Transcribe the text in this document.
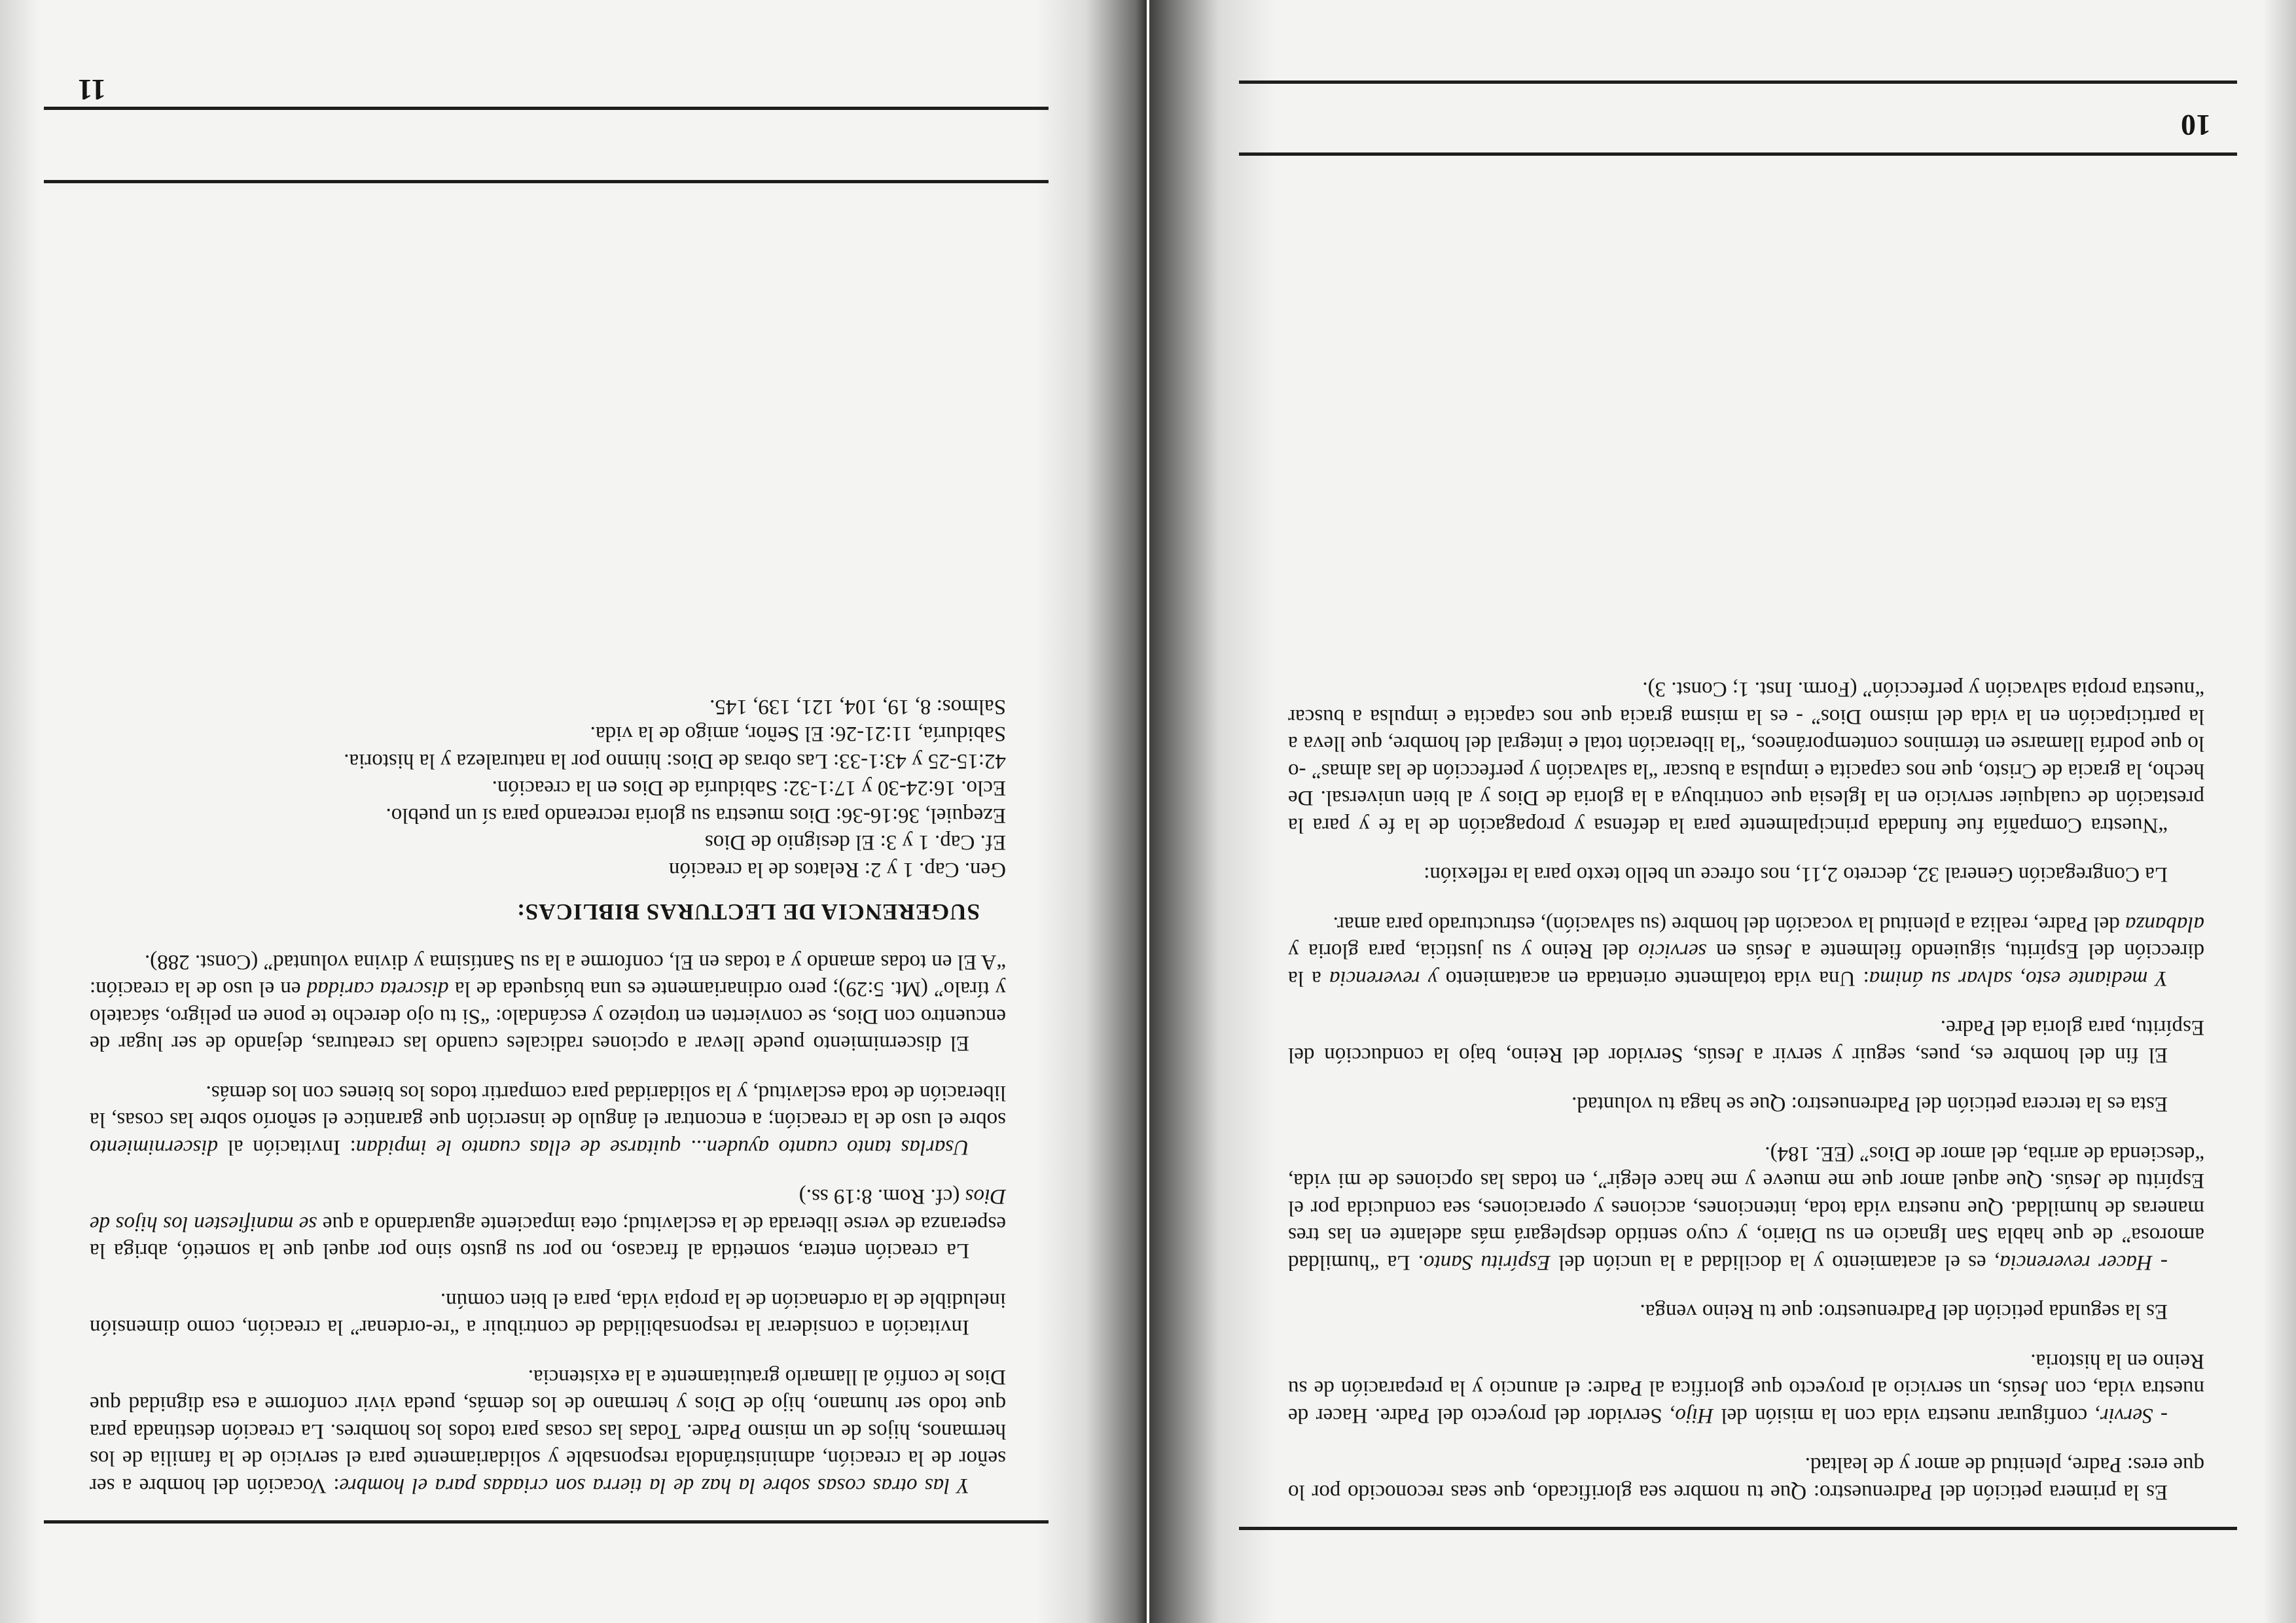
10

Es la primera petición del Padrenuestro: Que tu nombre sea glorificado, que seas reconocido por lo que eres: Padre, plenitud de amor y de lealtad.

- Servir, configurar nuestra vida con la misión del Hijo, Servidor del proyecto del Padre. Hacer de nuestra vida, con Jesús, un servicio al proyecto que glorifica al Padre: el anuncio y la preparación de su Reino en la historia.

Es la segunda petición del Padrenuestro: que tu Reino venga.

- Hacer reverencia, es el acatamiento y la docilidad a la unción del Espíritu Santo. La “humildad amorosa” de que habla San Ignacio en su Diario, y cuyo sentido desplegará más adelante en las tres maneras de humildad. Que nuestra vida toda, intenciones, acciones y operaciones, sea conducida por el Espíritu de Jesús. Que aquel amor que me mueve y me hace elegir”, en todas las opciones de mi vida, “descienda de arriba, del amor de Dios” (EE. 184).

Esta es la tercera petición del Padrenuestro: Que se haga tu voluntad.

El fin del hombre es, pues, seguir y servir a Jesús, Servidor del Reino, bajo la conducción del Espíritu, para gloria del Padre.

Y mediante esto, salvar su ánima: Una vida totalmente orientada en acatamiento y reverencia a la dirección del Espíritu, siguiendo fielmente a Jesús en servicio del Reino y su justicia, para gloria y alabanza del Padre, realiza a plenitud la vocación del hombre (su salvación), estructurado para amar.

La Congregación General 32, decreto 2,11, nos ofrece un bello texto para la reflexión:

“Nuestra Compañía fue fundada principalmente para la defensa y propagación de la fe y para la prestación de cualquier servicio en la Iglesia que contribuya a la gloria de Dios y al bien universal. De hecho, la gracia de Cristo, que nos capacita e impulsa a buscar “la salvación y perfección de las almas” -o lo que podría llamarse en términos contemporáneos, “la liberación total e integral del hombre, que lleva a la participación en la vida del mismo Dios” - es la misma gracia que nos capacita e impulsa a buscar “nuestra propia salvación y perfección” (Form. Inst. 1; Const. 3).

11

Y las otras cosas sobre la haz de la tierra son criadas para el hombre: Vocación del hombre a ser señor de la creación, administrándola responsable y solidariamente para el servicio de la familia de los hermanos, hijos de un mismo Padre. Todas las cosas para todos los hombres. La creación destinada para que todo ser humano, hijo de Dios y hermano de los demás, pueda vivir conforme a esa dignidad que Dios le confió al llamarlo gratuitamente a la existencia.

Invitación a considerar la responsabilidad de contribuir a “re-ordenar” la creación, como dimensión ineludible de la ordenación de la propia vida, para el bien común.

La creación entera, sometida al fracaso, no por su gusto sino por aquel que la sometió, abriga la esperanza de verse liberada de la esclavitud; otea impaciente aguardando a que se manifiesten los hijos de Dios (cf. Rom. 8:19 ss.)

Usarlas tanto cuanto ayuden... quitarse de ellas cuanto le impidan: Invitación al discernimiento sobre el uso de la creación; a encontrar el ángulo de inserción que garantice el señorío sobre las cosas, la liberación de toda esclavitud, y la solidaridad para compartir todos los bienes con los demás.

El discernimiento puede llevar a opciones radicales cuando las creaturas, dejando de ser lugar de encuentro con Dios, se convierten en tropiezo y escándalo: “Si tu ojo derecho te pone en peligro, sácatelo y tíralo” (Mt. 5:29); pero ordinariamente es una búsqueda de la discreta caridad en el uso de la creación: “A El en todas amando y a todas en El, conforme a la su Santísima y divina voluntad” (Const. 288).

SUGERENCIA DE LECTURAS BIBLICAS:
Gen. Cap. 1 y 2: Relatos de la creación
Ef. Cap. 1 y 3: El designio de Dios
Ezequiel, 36:16-36: Dios muestra su gloria recreando para sí un pueblo.
Eclo. 16:24-30 y 17:1-32: Sabiduría de Dios en la creación.
42:15-25 y 43:1-33: Las obras de Dios: himno por la naturaleza y la historia.
Sabiduría, 11:21-26: El Señor, amigo de la vida.
Salmos: 8, 19, 104, 121, 139, 145.
